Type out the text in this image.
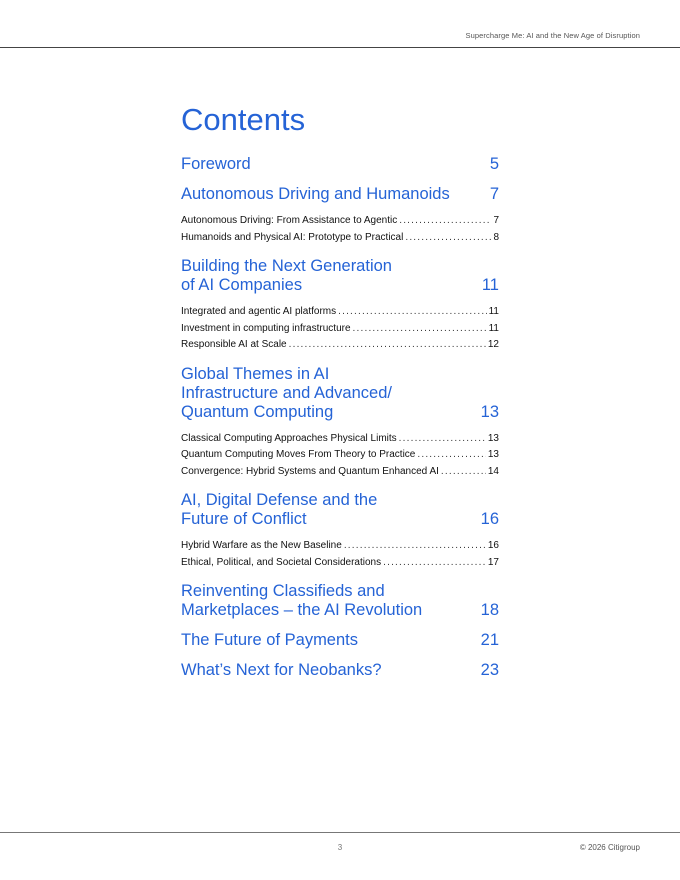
Supercharge Me: AI and the New Age of Disruption
Contents
Foreword	5
Autonomous Driving and Humanoids 7
Autonomous Driving: From Assistance to Agentic .....	7
Humanoids and Physical AI: Prototype to Practical .....	8
Building the Next Generation
of AI Companies	11
Integrated and agentic AI platforms .....	11
Investment in computing infrastructure .....	11
Responsible AI at Scale .....	12
Global Themes in AI
Infrastructure and Advanced/
Quantum Computing	13
Classical Computing Approaches Physical Limits .....	13
Quantum Computing Moves From Theory to Practice .....	13
Convergence: Hybrid Systems and Quantum Enhanced AI .....	14
AI, Digital Defense and the
Future of Conflict	16
Hybrid Warfare as the New Baseline .....	16
Ethical, Political, and Societal Considerations .....	17
Reinventing Classifieds and
Marketplaces – the AI Revolution	18
The Future of Payments	21
What’s Next for Neobanks?	23
3	© 2026 Citigroup
